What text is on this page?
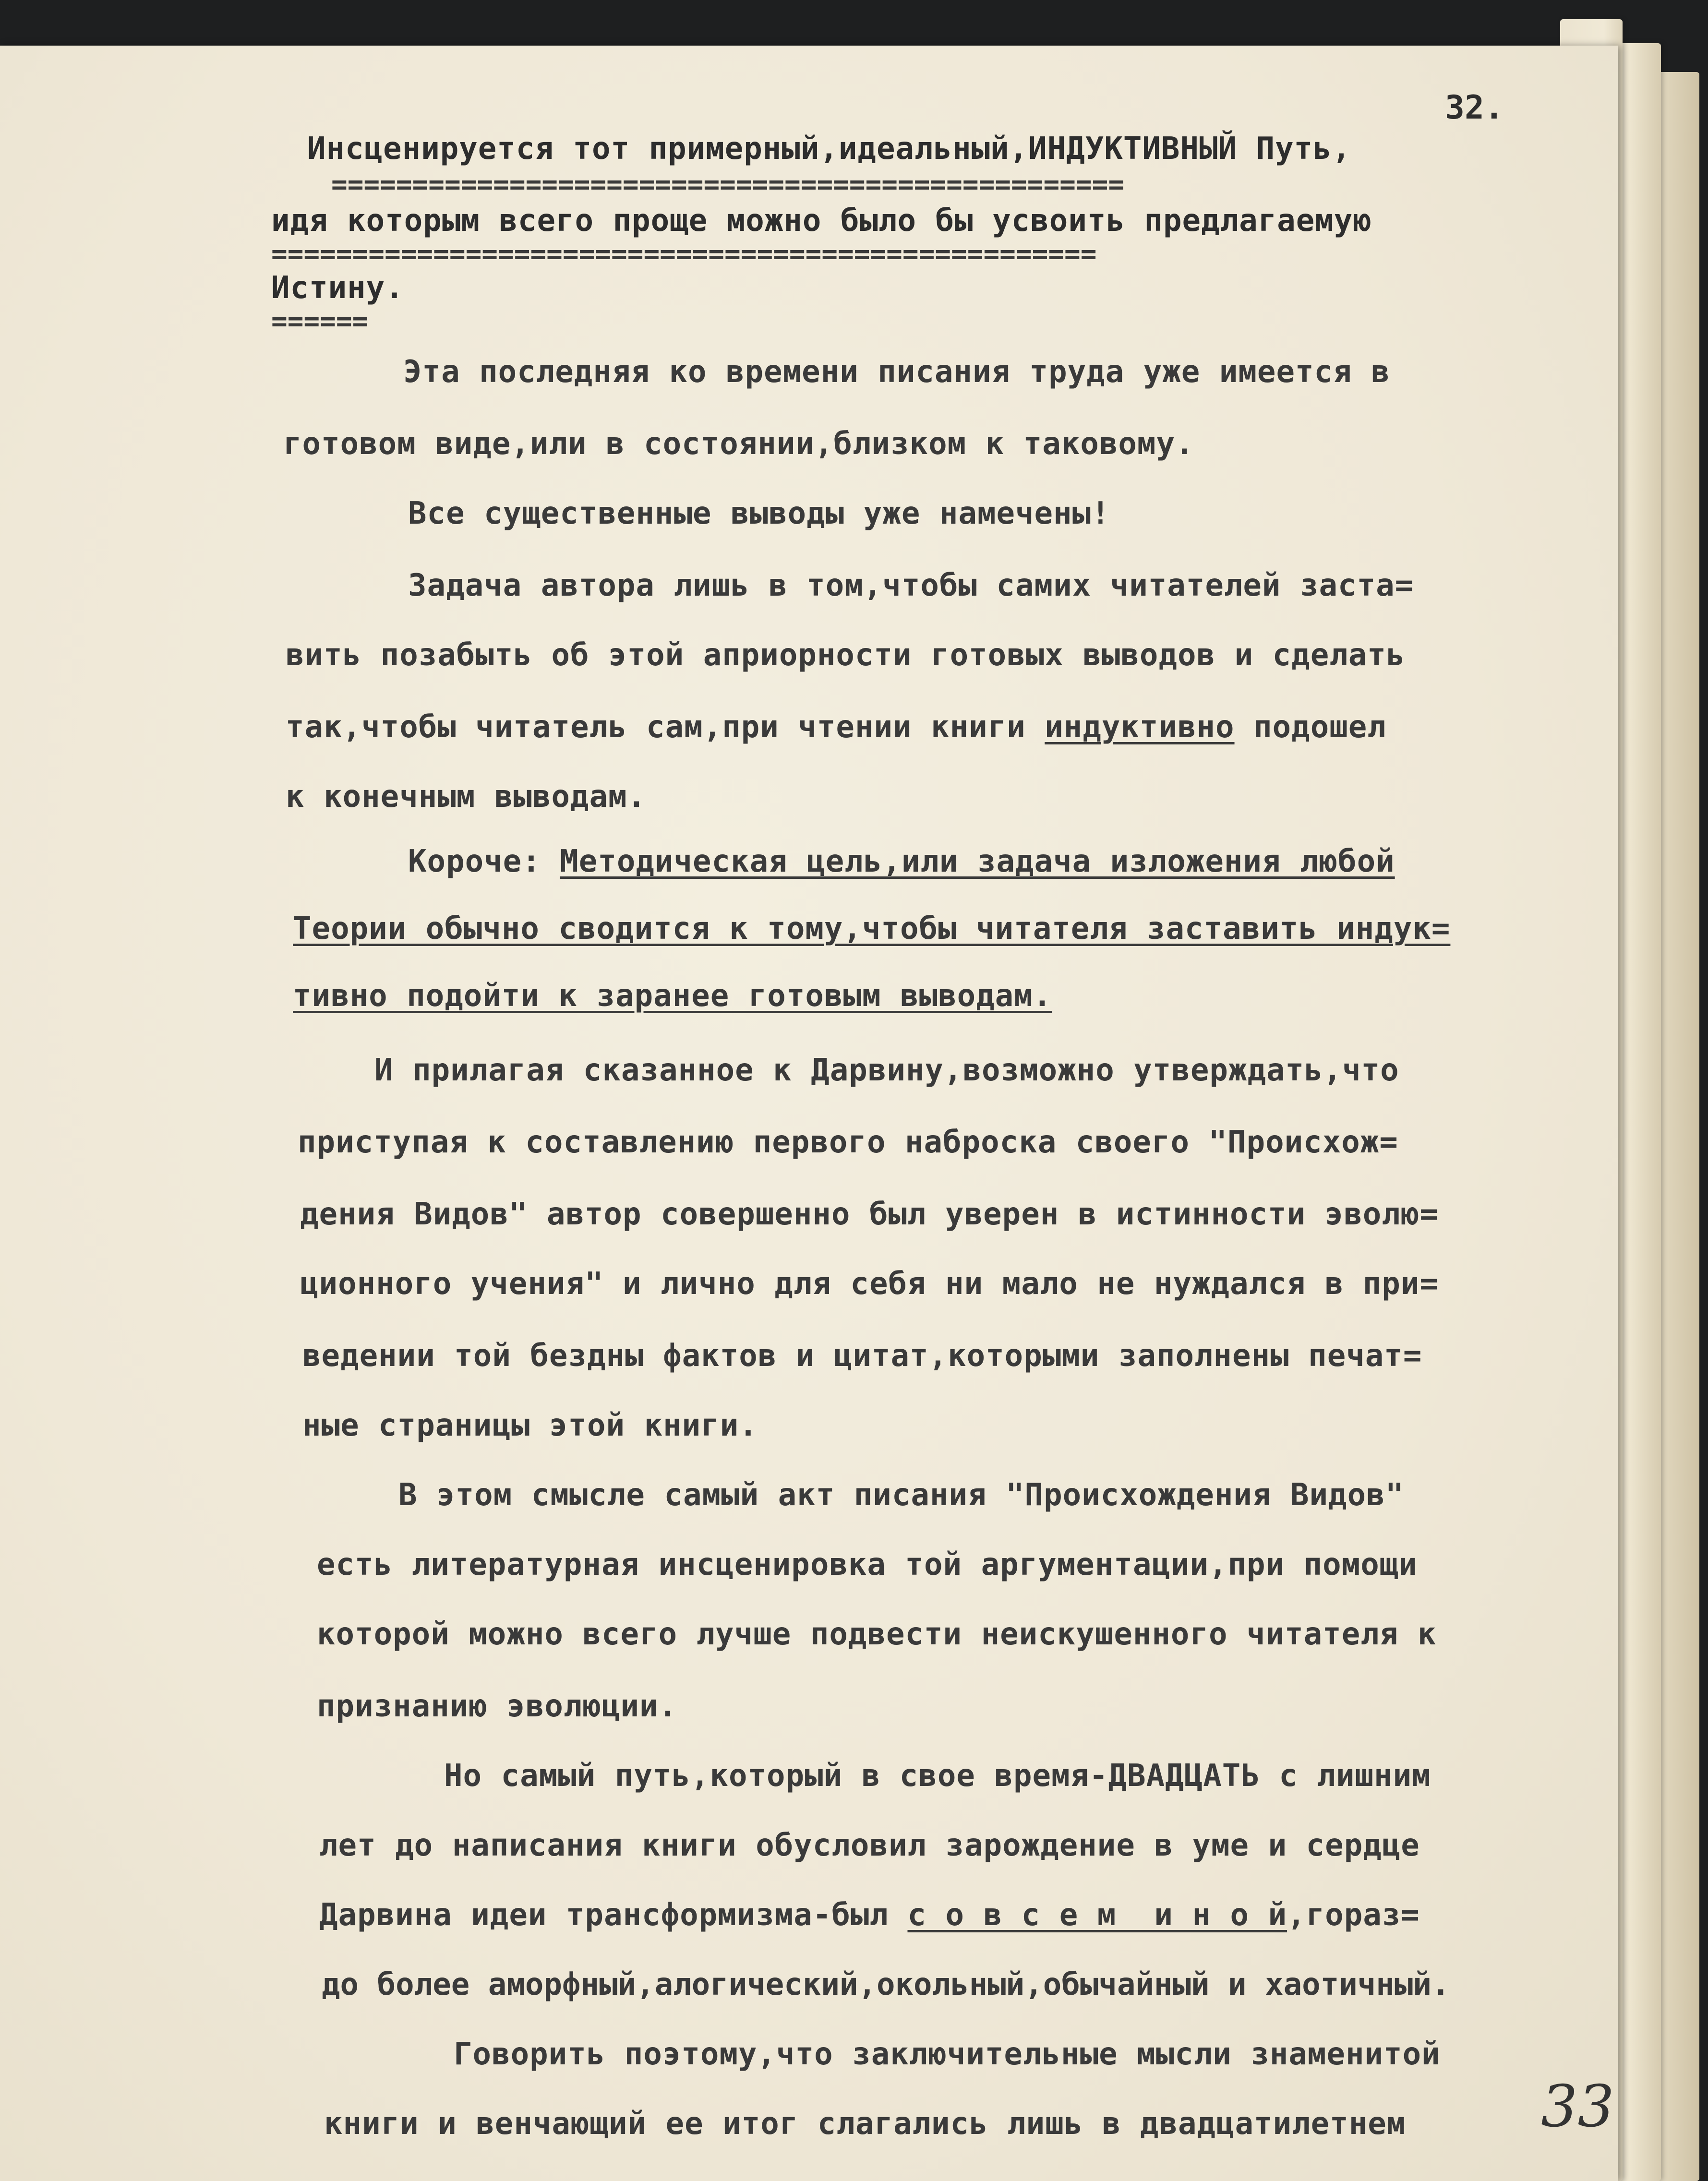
32.
Инсценируется тот примерный,идеальный,ИНДУКТИВНЫЙ Путь,
=================================================
идя которым всего проще можно было бы усвоить предлагаемую
===================================================
Истину.
======
Эта последняя ко времени писания труда уже имеется в
готовом виде,или в состоянии,близком к таковому.
Все существенные выводы уже намечены!
Задача автора лишь в том,чтобы самих читателей заста=
вить позабыть об этой априорности готовых выводов и сделать
так,чтобы читатель сам,при чтении книги индуктивно подошел
к конечным выводам.
Короче: Методическая цель,или задача изложения любой
Теории обычно сводится к тому,чтобы читателя заставить индук=
тивно подойти к заранее готовым выводам.
И прилагая сказанное к Дарвину,возможно утверждать,что
приступая к составлению первого наброска своего "Происхож=
дения Видов" автор совершенно был уверен в истинности эволю=
ционного учения" и лично для себя ни мало не нуждался в при=
ведении той бездны фактов и цитат,которыми заполнены печат=
ные страницы этой книги.
В этом смысле самый акт писания "Происхождения Видов"
есть литературная инсценировка той аргументации,при помощи
которой можно всего лучше подвести неискушенного читателя к
признанию эволюции.
Но самый путь,который в свое время-ДВАДЦАТЬ с лишним
лет до написания книги обусловил зарождение в уме и сердце
Дарвина идеи трансформизма-был с о в с е м  и н о й,гораз=
до более аморфный,алогический,окольный,обычайный и хаотичный.
Говорить поэтому,что заключительные мысли знаменитой
книги и венчающий ее итог слагались лишь в двадцатилетнем 33
